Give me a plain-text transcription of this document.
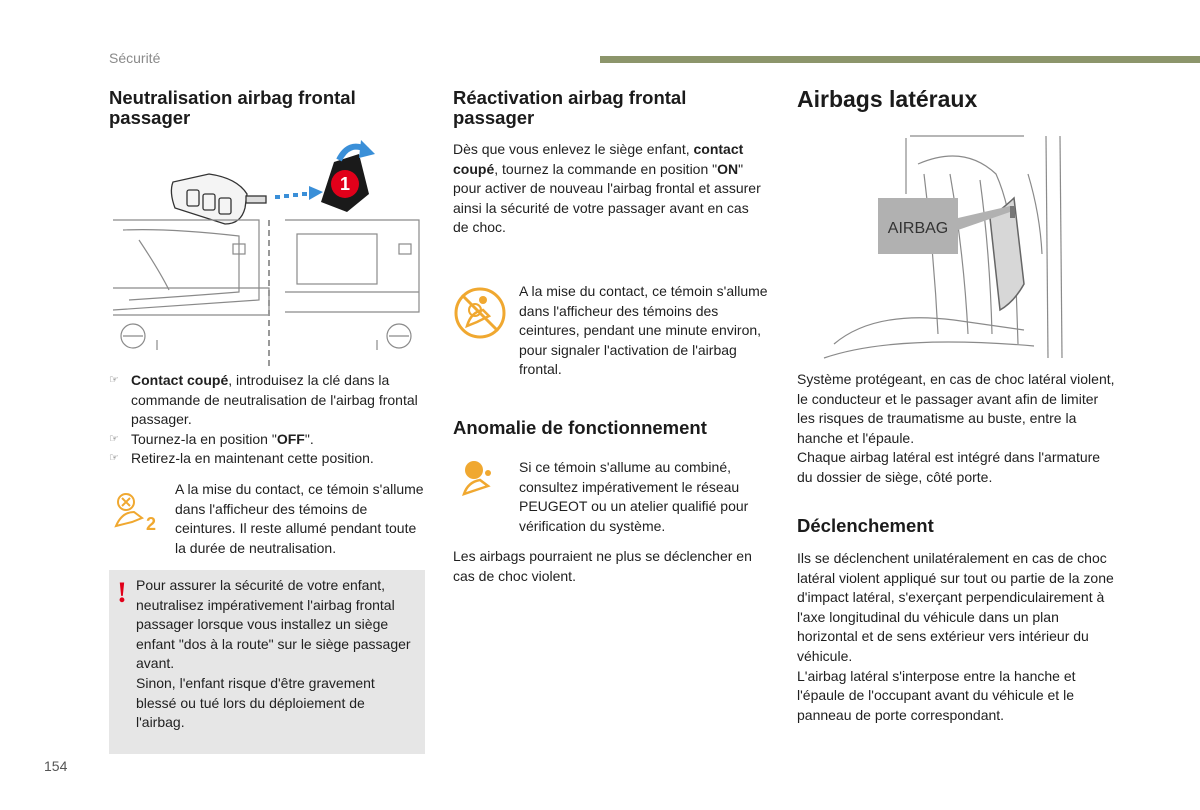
Sécurité
Neutralisation airbag frontal passager
1
☞ Contact coupé, introduisez la clé dans la commande de neutralisation de l'airbag frontal passager.
☞ Tournez-la en position "OFF".
☞ Retirez-la en maintenant cette position.
2

A la mise du contact, ce témoin s'allume dans l'afficheur des témoins de ceintures. Il reste allumé pendant toute la durée de neutralisation.

! Pour assurer la sécurité de votre enfant, neutralisez impérativement l'airbag frontal passager lorsque vous installez un siège enfant "dos à la route" sur le siège passager avant.

Sinon, l'enfant risque d'être gravement blessé ou tué lors du déploiement de l'airbag.

Réactivation airbag frontal passager

Dès que vous enlevez le siège enfant, contact coupé, tournez la commande en position "ON" pour activer de nouveau l'airbag frontal et assurer ainsi la sécurité de votre passager avant en cas de choc.

A la mise du contact, ce témoin s'allume dans l'afficheur des témoins des ceintures, pendant une minute environ, pour signaler l'activation de l'airbag frontal.

Anomalie de fonctionnement

Si ce témoin s'allume au combiné, consultez impérativement le réseau PEUGEOT ou un atelier qualifié pour vérification du système.

Les airbags pourraient ne plus se déclencher en cas de choc violent.

Airbags latéraux
AIRBAG

Système protégeant, en cas de choc latéral violent, le conducteur et le passager avant afin de limiter les risques de traumatisme au buste, entre la hanche et l'épaule.

Chaque airbag latéral est intégré dans l'armature du dossier de siège, côté porte.

Déclenchement

Ils se déclenchent unilatéralement en cas de choc latéral violent appliqué sur tout ou partie de la zone d'impact latéral, s'exerçant perpendiculairement à l'axe longitudinal du véhicule dans un plan horizontal et de sens extérieur vers intérieur du véhicule.

L'airbag latéral s'interpose entre la hanche et l'épaule de l'occupant avant du véhicule et le panneau de porte correspondant.

154
